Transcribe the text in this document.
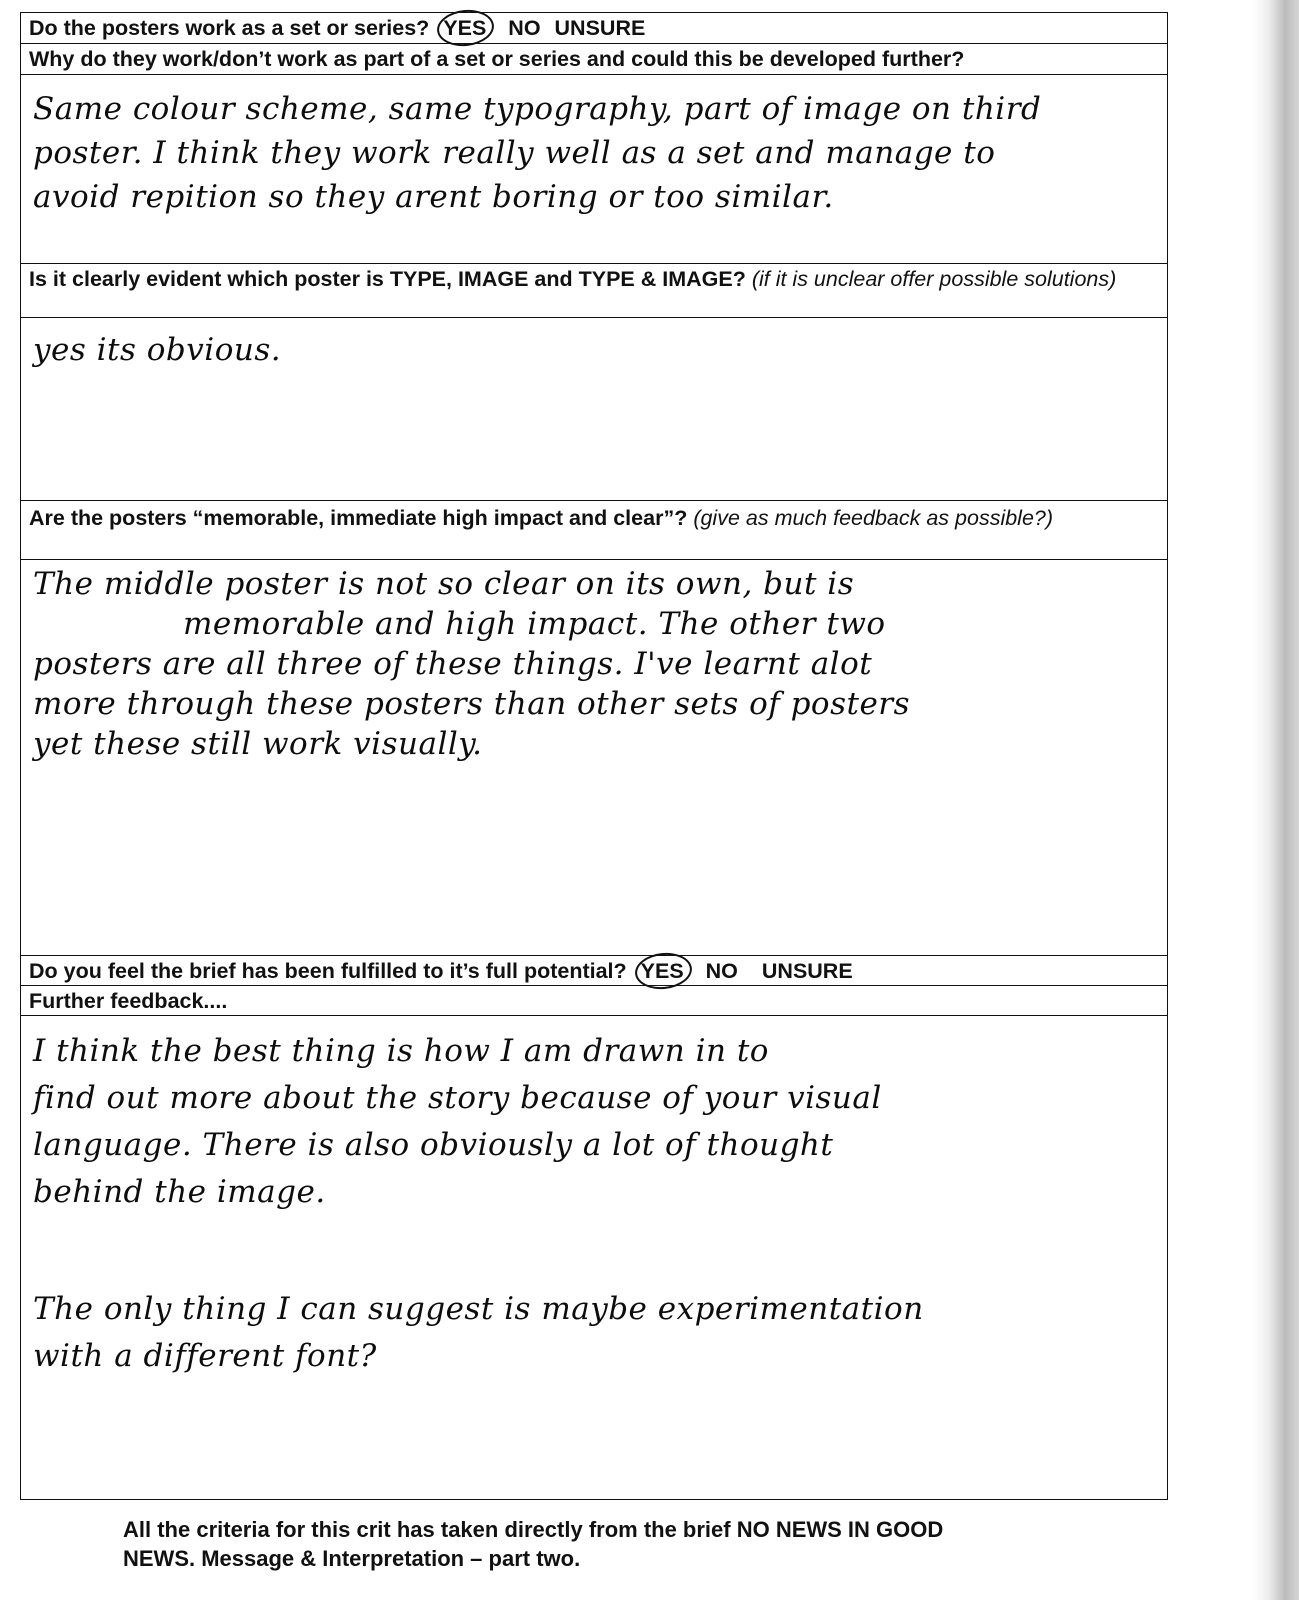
Do the posters work as a set or series? YES NO UNSURE
Why do they work/don’t work as part of a set or series and could this be developed further?

Same colour scheme, same typography, part of image on third

poster. I think they work really well as a set and manage to

avoid repition so they arent boring or too similar.

Is it clearly evident which poster is TYPE, IMAGE and TYPE & IMAGE? (if it is unclear offer possible solutions)

yes its obvious.

Are the posters “memorable, immediate high impact and clear”? (give as much feedback as possible?)

The middle poster is not so clear on its own, but is

memorable and high impact. The other two

posters are all three of these things. I've learnt alot

more through these posters than other sets of posters

yet these still work visually.

Do you feel the brief has been fulfilled to it’s full potential? YES NO UNSURE
Further feedback....

I think the best thing is how I am drawn in to

find out more about the story because of your visual

language. There is also obviously a lot of thought

behind the image.

The only thing I can suggest is maybe experimentation

with a different font?

All the criteria for this crit has taken directly from the brief NO NEWS IN GOOD
NEWS. Message & Interpretation – part two.
